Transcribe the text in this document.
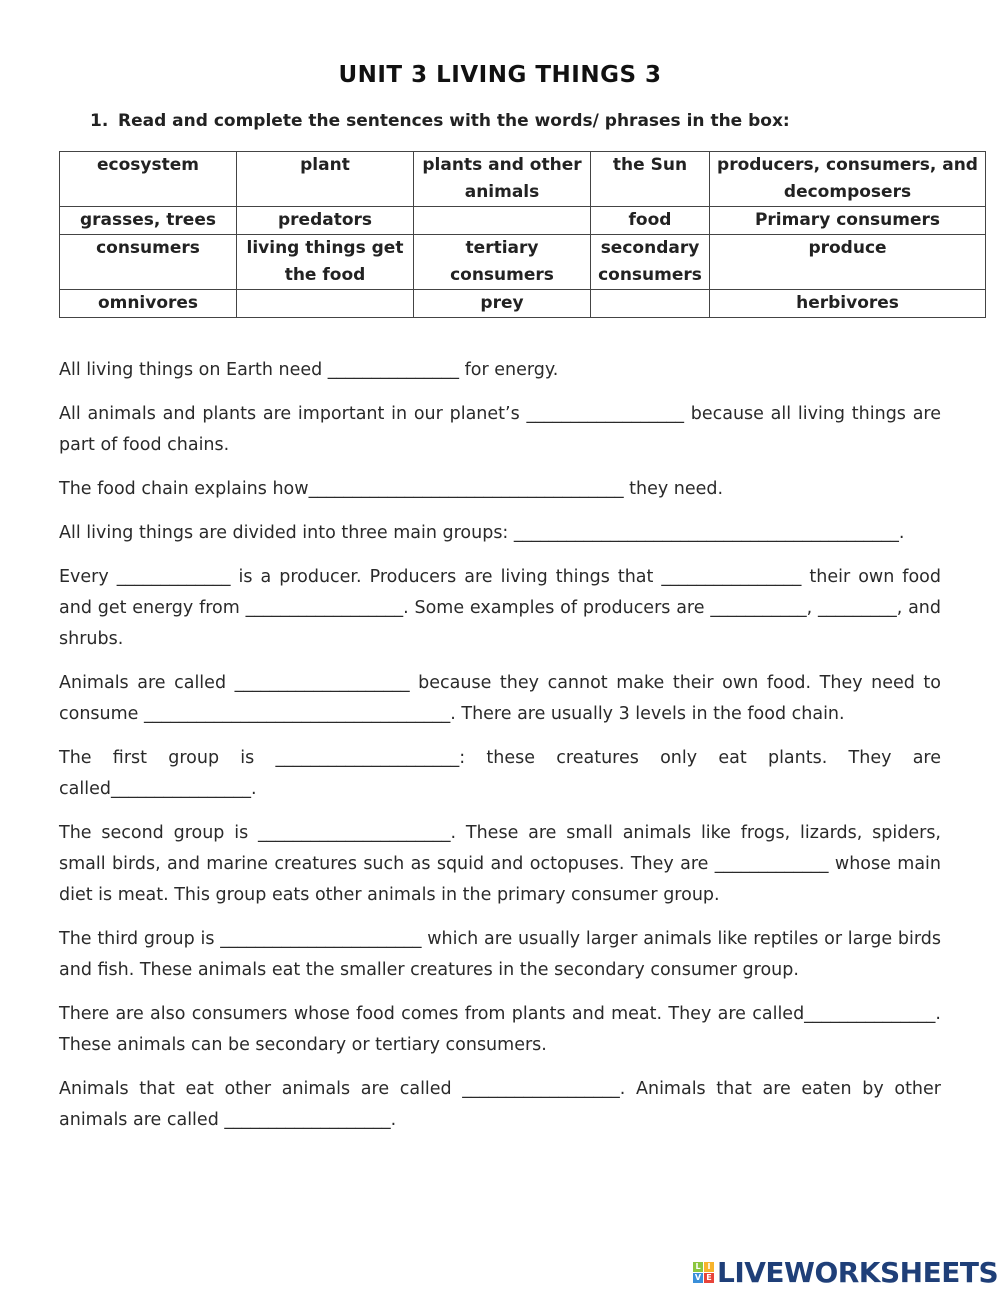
UNIT 3 LIVING THINGS 3
1. Read and complete the sentences with the words/ phrases in the box:
ecosystem	plant	plants and other animals	the Sun	producers, consumers, and decomposers
grasses, trees	predators		food	Primary consumers
consumers	living things get the food	tertiary consumers	secondary consumers	produce
omnivores		prey		herbivores

All living things on Earth need _______________ for energy.

All animals and plants are important in our planet’s __________________ because all living things are part of food chains.

The food chain explains how____________________________________ they need.

All living things are divided into three main groups: ____________________________________________.

Every _____________ is a producer. Producers are living things that ________________ their own food and get energy from __________________. Some examples of producers are ___________, _________, and shrubs.

Animals are called ____________________ because they cannot make their own food. They need to consume ___________________________________. There are usually 3 levels in the food chain.

The first group is _____________________: these creatures only eat plants. They are called________________.

The second group is ______________________. These are small animals like frogs, lizards, spiders, small birds, and marine creatures such as squid and octopuses. They are _____________ whose main diet is meat. This group eats other animals in the primary consumer group.

The third group is _______________________ which are usually larger animals like reptiles or large birds and fish. These animals eat the smaller creatures in the secondary consumer group.

There are also consumers whose food comes from plants and meat. They are called_______________. These animals can be secondary or tertiary consumers.

Animals that eat other animals are called __________________. Animals that are eaten by other animals are called ___________________.

L I
V E LIVEWORKSHEETS
